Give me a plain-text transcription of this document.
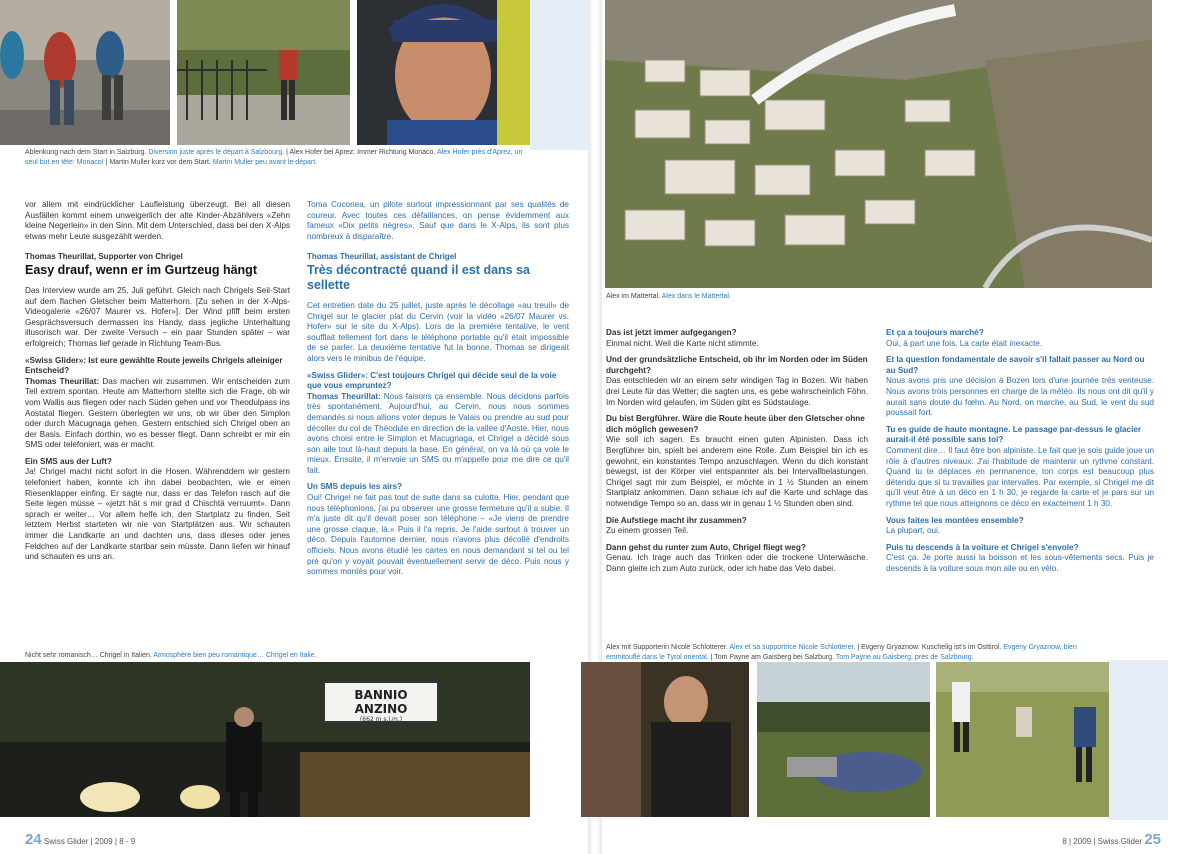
Ablenkung nach dem Start in Salzburg. Diversion juste après le départ à Salzbourg. | Alex Hofer bei Aprez: Immer Richtung Monaco. Alex Hofer près d'Aprez, un seul but en tête: Monaco! | Martin Muller kurz vor dem Start. Martin Muller peu avant le départ.
Alex im Mattertal. Alex dans le Mattertal.

vor allem mit eindrücklicher Laufleistung überzeugt. Bei all diesen Ausfällen kommt einem unweigerlich der alte Kinder-Abzählvers «Zehn kleine Negerlein» in den Sinn. Mit dem Unterschied, dass bei den X-Alps etwas mehr Leute ausgezählt werden.

Thomas Theurillat, Supporter von Chrigel
Easy drauf, wenn er im Gurtzeug hängt

Das Interview wurde am 25. Juli geführt. Gleich nach Chrigels Seil-Start auf dem flachen Gletscher beim Matterhorn. [Zu sehen in der X-Alps-Videogalerie «26/07 Maurer vs. Hofer»]. Der Wind pfiff beim ersten Gesprächsversuch dermassen ins Handy, dass jegliche Unterhaltung illusorisch war. Der zweite Versuch – ein paar Stunden später – war erfolgreich; Thomas lief gerade in Richtung Team-Bus.

«Swiss Glider»: Ist eure gewählte Route jeweils Chrigels alleiniger Entscheid?

Thomas Theurillat: Das machen wir zusammen. Wir entscheiden zum Teil extrem spontan. Heute am Matterhorn stellte sich die Frage, ob wir vom Wallis aus fliegen oder nach Süden gehen und vor Theodulpass ins Aostatal fliegen. Gestern überlegten wir uns, ob wir über den Simplon oder durch Macugnaga gehen. Gestern entschied sich Chrigel oben an der Basis. Einfach dorthin, wo es besser fliegt. Dann schreibt er mir ein SMS oder telefoniert, was er macht.

Ein SMS aus der Luft?

Ja! Chrigel macht nicht sofort in die Hosen. Währenddem wir gestern telefoniert haben, konnte ich ihn dabei beobachten, wie er einen Riesenklapper einfing. Er sagte nur, dass er das Telefon rasch auf die Seite legen müsse – «jetzt hät s mir grad d Chischtä verruumt». Dann sprach er weiter… Vor allem helfe ich, den Startplatz zu finden. Seit letztem Herbst starteten wir nie von Startplätzen aus. Wir schauten immer die Landkarte an und dachten uns, dass dieses oder jenes Feldchen auf der Landkarte startbar sein müsste. Dann liefen wir hinauf und schauten es uns an.

Toma Coconea, un pilote surtout impressionnant par ses qualités de coureur. Avec toutes ces défaillances, on pense évidemment aux fameux «Dix petits nègres». Sauf que dans le X-Alps, ils sont plus nombreux à disparaître.

Thomas Theurillat, assistant de Chrigel
Très décontracté quand il est dans sa sellette

Cet entretien date du 25 juillet, juste après le décollage «au treuil» de Chrigel sur le glacier plat du Cervin (voir la vidéo «26/07 Maurer vs. Hofer» sur le site du X-Alps). Lors de la première tentative, le vent soufflait tellement fort dans le téléphone portable qu'il était impossible de se parler. La deuxième tentative fut la bonne. Thomas se dirigeait alors vers le minibus de l'équipe.

«Swiss Glider»: C'est toujours Chrigel qui décide seul de la voie que vous empruntez?

Thomas Theurillat: Nous faisons ça ensemble. Nous décidons parfois très spontanément. Aujourd'hui, au Cervin, nous nous sommes demandés si nous allions voler depuis le Valais ou prendre au sud pour décoller du col de Théodule en direction de la vallée d'Aoste. Hier, nous avons choisi entre le Simplon et Macugnaga, et Chrigel a décidé sous son aile tout là-haut depuis la base. En général, on va là où ça vole le mieux. Ensuite, il m'envoie un SMS ou m'appelle pour me dire ce qu'il fait.

Un SMS depuis les airs?

Oui! Chrigel ne fait pas tout de suite dans sa culotte. Hier, pendant que nous téléphonions, j'ai pu observer une grosse fermeture qu'il a subie. Il m'a juste dit qu'il devait poser son téléphone – «Je viens de prendre une grosse claque, là.» Puis il l'a repris. Je l'aide surtout à trouver un déco. Depuis l'automne dernier, nous n'avons plus décollé d'endroits officiels. Nous avons étudié les cartes en nous demandant si tel ou tel pré qu'on y voyait pouvait éventuellement servir de déco. Puis nous y sommes montés pour voir.

Das ist jetzt immer aufgegangen?

Einmal nicht. Weil die Karte nicht stimmte.

Und der grundsätzliche Entscheid, ob ihr im Norden oder im Süden durchgeht?

Das entschieden wir an einem sehr windigen Tag in Bozen. Wir haben drei Leute für das Wetter; die sagten uns, es gebe wahrscheinlich Föhn. Im Norden wird gelaufen, im Süden gibt es Südstaulage.

Du bist Bergführer. Wäre die Route heute über den Gletscher ohne dich möglich gewesen?

Wie soll ich sagen. Es braucht einen guten Alpinisten. Dass ich Bergführer bin, spielt bei anderem eine Rolle. Zum Beispiel bin ich es gewohnt, ein konstantes Tempo anzuschlagen. Wenn du dich konstant bewegst, ist der Körper viel entspannter als bei Intervallbelastungen. Chrigel sagt mir zum Beispiel, er möchte in 1 ½ Stunden an einem Startplatz ankommen. Dann schaue ich auf die Karte und schlage das notwendige Tempo so an, dass wir in genau 1 ½ Stunden oben sind.

Die Aufstiege macht ihr zusammen?

Zu einem grossen Teil.

Dann gehst du runter zum Auto, Chrigel fliegt weg?

Genau. Ich trage auch das Trinken oder die trockene Unterwäsche. Dann gleite ich zum Auto zurück, oder ich habe das Velo dabei.

Et ça a toujours marché?

Oui, à part une fois. La carte était inexacte.

Et la question fondamentale de savoir s'il fallait passer au Nord ou au Sud?

Nous avons pris une décision à Bozen lors d'une journée très venteuse. Nous avons trois personnes en charge de la météo. Ils nous ont dit qu'il y aurait sans doute du fœhn. Au Nord, on marche, au Sud, le vent du sud poussait fort.

Tu es guide de haute montagne. Le passage par-dessus le glacier aurait-il été possible sans toi?

Comment dire… Il faut être bon alpiniste. Le fait que je sois guide joue un rôle à d'autres niveaux. J'ai l'habitude de maintenir un rythme constant. Quand tu te déplaces en permanence, ton corps est beaucoup plus détendu que si tu travailles par intervalles. Par exemple, si Chrigel me dit qu'il veut être à un déco en 1 h 30, je regarde la carte et je pars sur un rythme tel que nous atteignons ce déco en exactement 1 h 30.

Vous faites les montées ensemble?

La plupart, oui.

Puis tu descends à la voiture et Chrigel s'envole?

C'est ça. Je porte aussi la boisson et les sous-vêtements secs. Puis je descends à la voiture sous mon aile ou en vélo.

Nicht sehr romanisch… Chrigel in Italien. Atmosphère bien peu romantique… Chrigel en Italie.
BANNIO ANZINO
(662 m s.l.m.)
Alex mit Supporterin Nicole Schlotterer. Alex et sa supportrice Nicole Schlotterer. | Evgeny Gryaznow: Kuschelig ist's im Osttirol. Evgeny Gryaznow, bien emmitouflé dans le Tyrol oriental. | Tom Payne am Gaisberg bei Salzburg. Tom Payne au Gaisberg, près de Salzbourg.
24 Swiss Glider | 2009 | 8 - 9	8 | 2009 | Swiss Glider 25
